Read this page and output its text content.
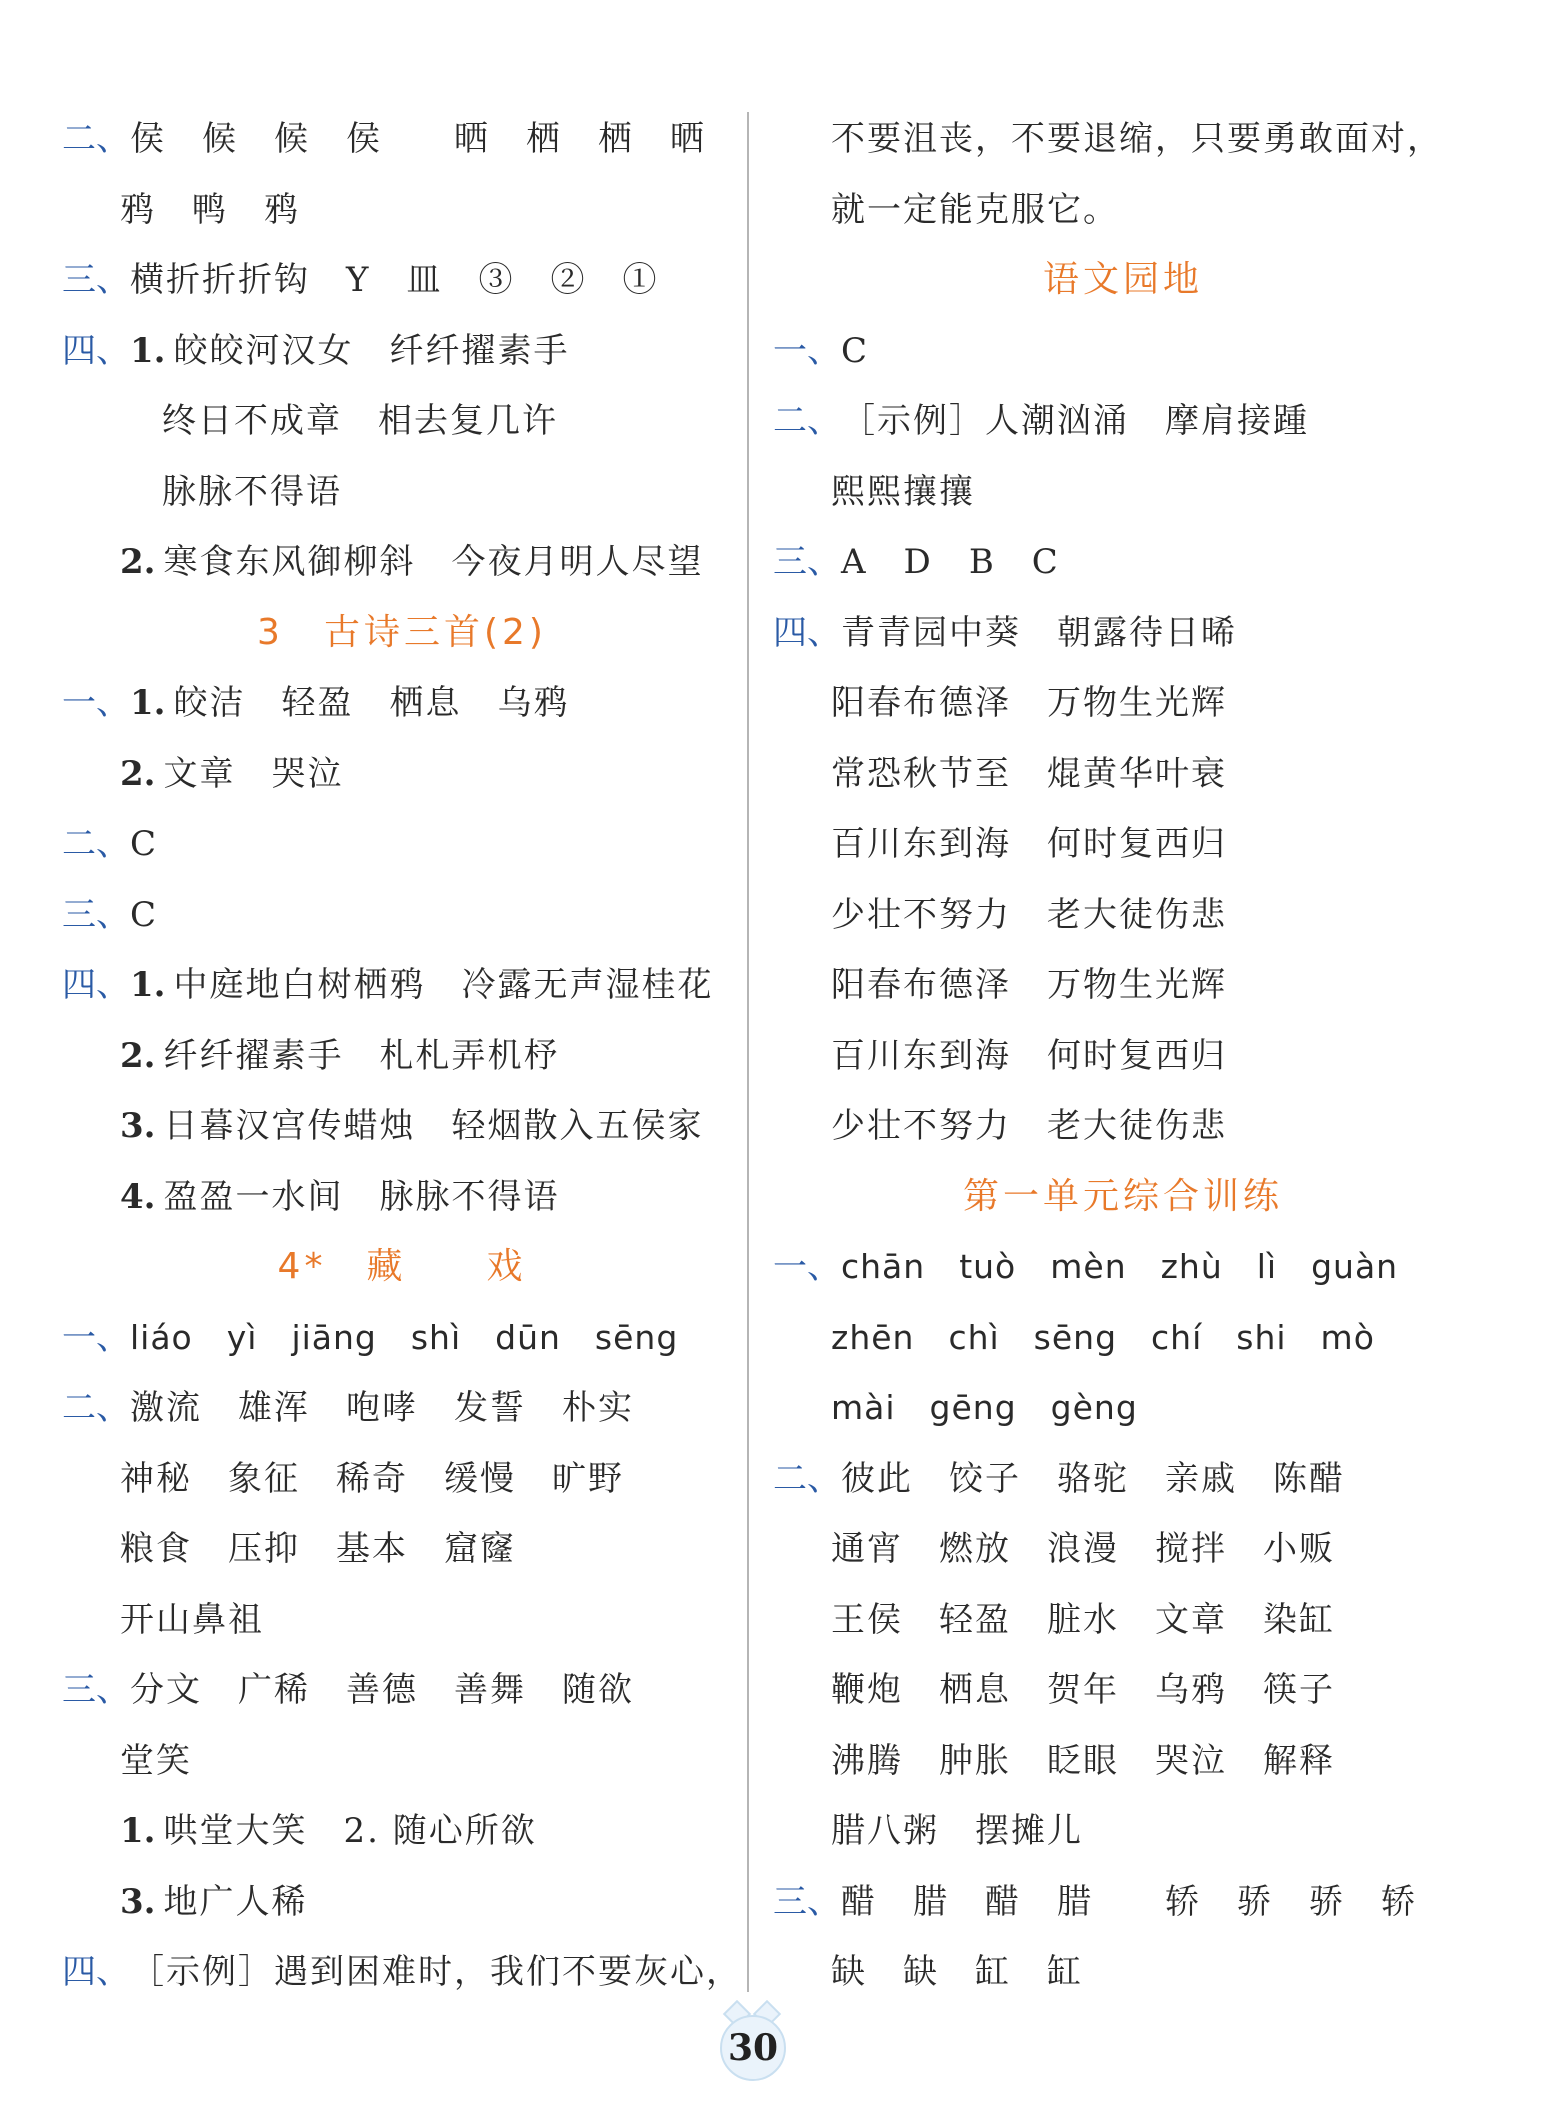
二、 侯　候　候　侯　　晒　栖　栖　晒
鸦　鸭　鸦
三、 横折折折钩　Y　皿　③　②　①
四、 1. 皎皎河汉女　纤纤擢素手
终日不成章　相去复几许
脉脉不得语
2. 寒食东风御柳斜　今夜月明人尽望
3　古诗三首(2)
一、 1. 皎洁　轻盈　栖息　乌鸦
2. 文章　哭泣
二、 C
三、 C
四、 1. 中庭地白树栖鸦　冷露无声湿桂花
2. 纤纤擢素手　札札弄机杼
3. 日暮汉宫传蜡烛　轻烟散入五侯家
4. 盈盈一水间　脉脉不得语
4*　藏　　戏
一、 liáo　yì　jiāng　shì　dūn　sēng
二、 激流　雄浑　咆哮　发誓　朴实
神秘　象征　稀奇　缓慢　旷野
粮食　压抑　基本　窟窿
开山鼻祖
三、 分文　广稀　善德　善舞　随欲
堂笑
1. 哄堂大笑　2. 随心所欲
3. 地广人稀
四、 ［示例］遇到困难时，我们不要灰心，
不要沮丧，不要退缩，只要勇敢面对，
就一定能克服它。
语文园地
一、 C
二、 ［示例］人潮汹涌　摩肩接踵
熙熙攘攘
三、 A　D　B　C
四、 青青园中葵　朝露待日晞
阳春布德泽　万物生光辉
常恐秋节至　焜黄华叶衰
百川东到海　何时复西归
少壮不努力　老大徒伤悲
阳春布德泽　万物生光辉
百川东到海　何时复西归
少壮不努力　老大徒伤悲
第一单元综合训练
一、 chān　tuò　mèn　zhù　lì　guàn
zhēn　chì　sēng　chí　shi　mò
mài　gēng　gèng
二、 彼此　饺子　骆驼　亲戚　陈醋
通宵　燃放　浪漫　搅拌　小贩
王侯　轻盈　脏水　文章　染缸
鞭炮　栖息　贺年　乌鸦　筷子
沸腾　肿胀　眨眼　哭泣　解释
腊八粥　摆摊儿
三、 醋　腊　醋　腊　　轿　骄　骄　轿
缺　缺　缸　缸
30
